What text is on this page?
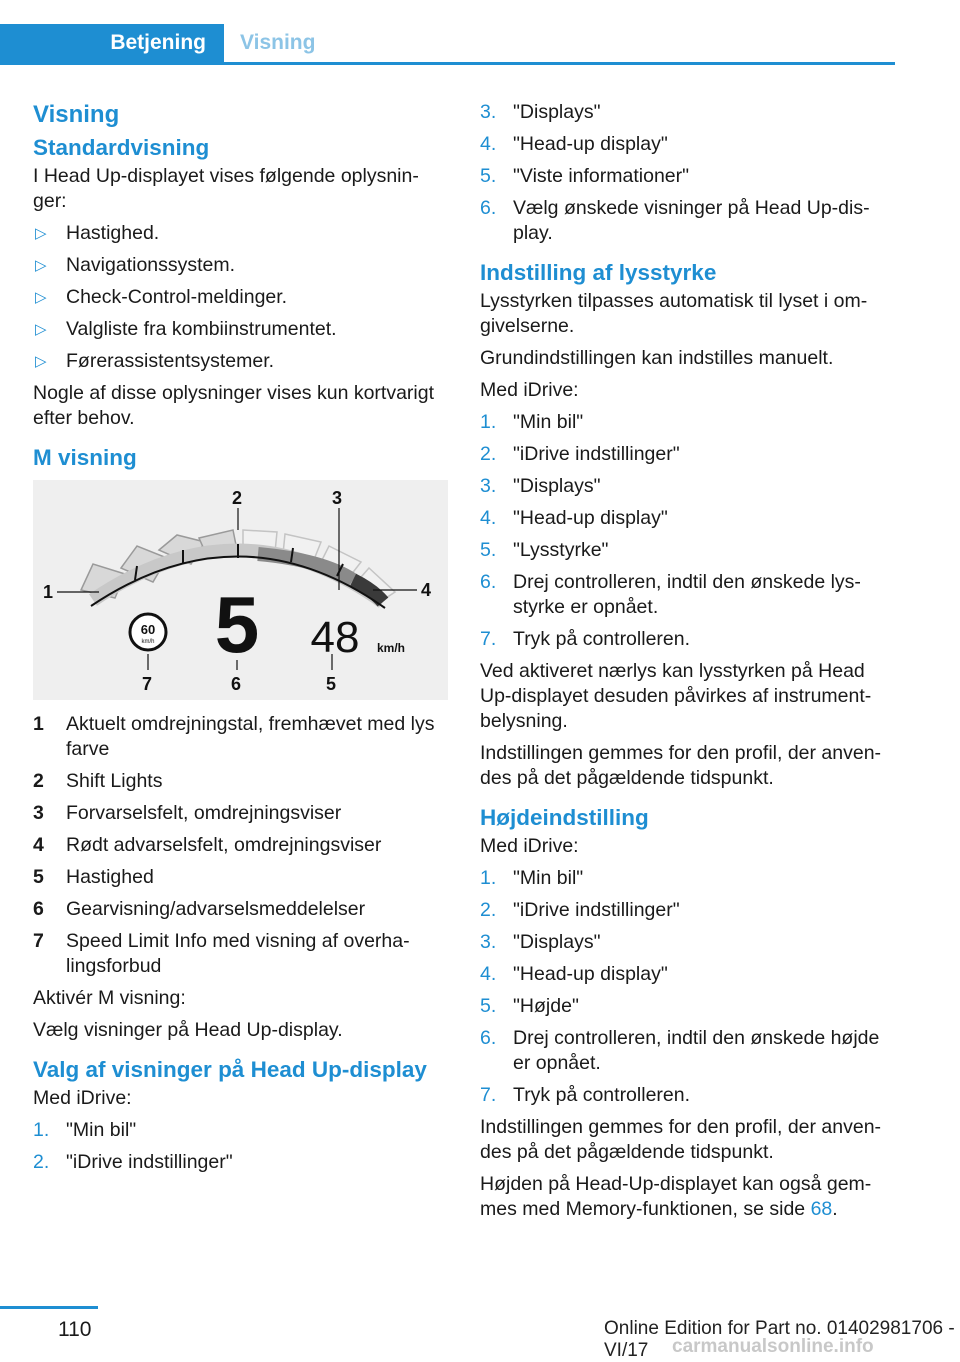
Betjening Visning
Visning
Standardvisning

I Head Up-displayet vises følgende oplysnin-ger:

▷ Hastighed.
▷ Navigationssystem.
▷ Check-Control-meldinger.
▷ Valgliste fra kombiinstrumentet.
▷ Førerassistentsystemer.

Nogle af disse oplysninger vises kun kortvarigt efter behov.

M visning
1
2	3
4
5
6
7
60
km/h 5 48 km/h
1 Aktuelt omdrejningstal, fremhævet med lys farve
2 Shift Lights
3 Forvarselsfelt, omdrejningsviser
4 Rødt advarselsfelt, omdrejningsviser
5 Hastighed
6 Gearvisning/advarselsmeddelelser
7 Speed Limit Info med visning af overha-lingsforbud

Aktivér M visning:

Vælg visninger på Head Up-display.

Valg af visninger på Head Up-display

Med iDrive:

1. "Min bil"
2. "iDrive indstillinger"
3. "Displays"
4. "Head-up display"
5. "Viste informationer"
6. Vælg ønskede visninger på Head Up-dis-play.
Indstilling af lysstyrke

Lysstyrken tilpasses automatisk til lyset i om-givelserne.

Grundindstillingen kan indstilles manuelt.

Med iDrive:

1. "Min bil"
2. "iDrive indstillinger"
3. "Displays"
4. "Head-up display"
5. "Lysstyrke"
6. Drej controlleren, indtil den ønskede lys-styrke er opnået.
7. Tryk på controlleren.

Ved aktiveret nærlys kan lysstyrken på Head Up-displayet desuden påvirkes af instrument-belysning.

Indstillingen gemmes for den profil, der anven-des på det pågældende tidspunkt.

Højdeindstilling

Med iDrive:

1. "Min bil"
2. "iDrive indstillinger"
3. "Displays"
4. "Head-up display"
5. "Højde"
6. Drej controlleren, indtil den ønskede højde er opnået.
7. Tryk på controlleren.

Indstillingen gemmes for den profil, der anven-des på det pågældende tidspunkt.

Højden på Head-Up-displayet kan også gem-mes med Memory-funktionen, se side 68.

110	Online Edition for Part no. 01402981706 - VI/17	carmanualsonline.info
